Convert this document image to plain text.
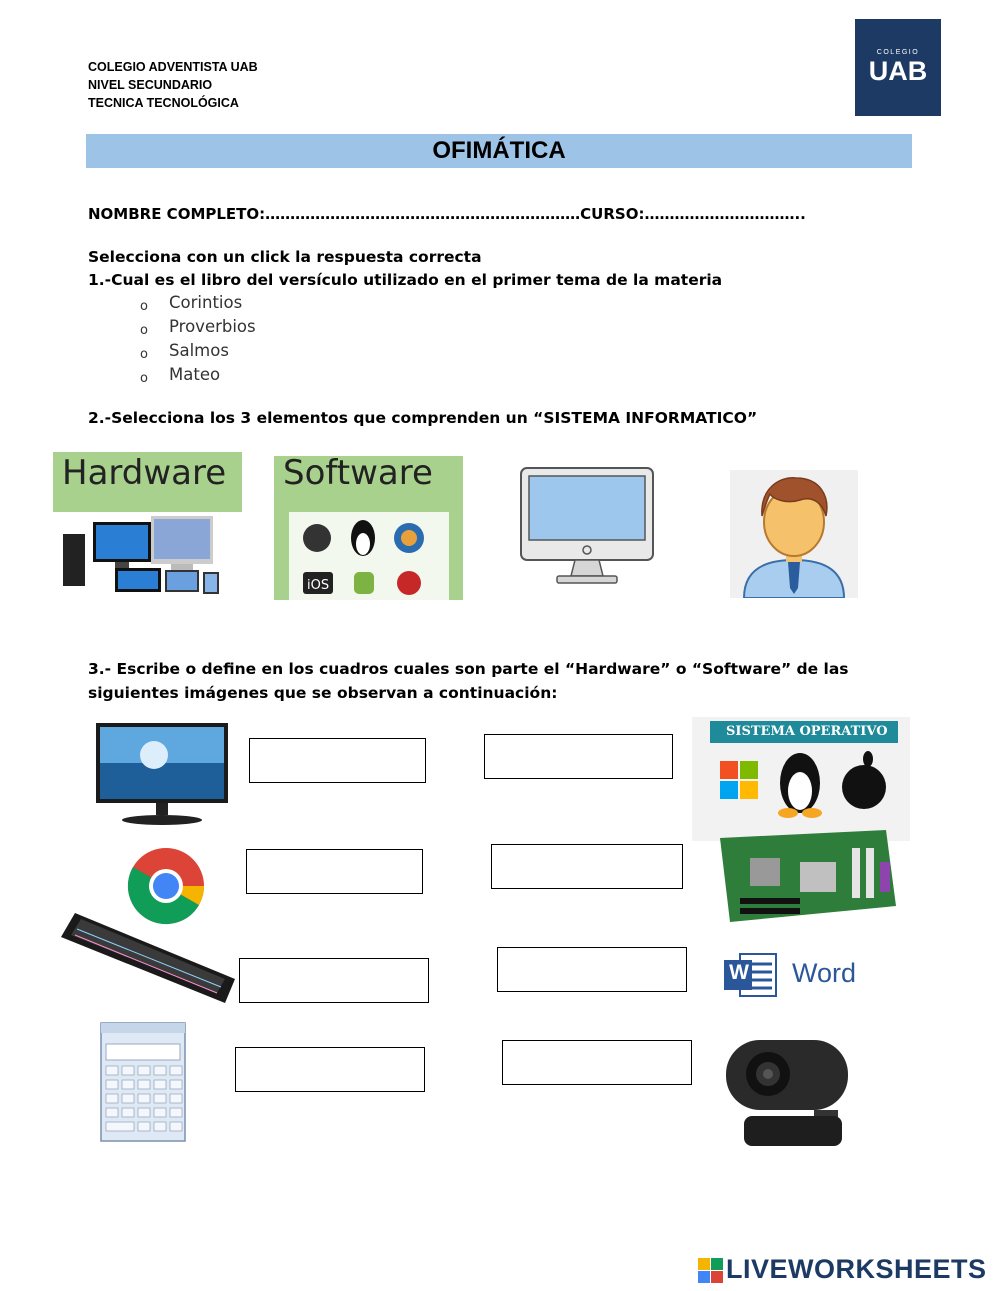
COLEGIO ADVENTISTA UAB
NIVEL SECUNDARIO
TECNICA TECNOLÓGICA
COLEGIO
UAB
OFIMÁTICA
NOMBRE COMPLETO:………………………………………………………CURSO:…………………………..
Selecciona con un click la respuesta correcta
1.-Cual es el libro del versículo utilizado en el primer tema de la materia
o Corintios
o Proverbios
o Salmos
o Mateo
2.-Selecciona los 3 elementos que comprenden un “SISTEMA INFORMATICO”
Hardware Software
iOS
3.- Escribe o define en los cuadros cuales son parte el “Hardware” o “Software” de las
siguientes imágenes que se observan a continuación:
SISTEMA OPERATIVO
W Word
LIVEWORKSHEETS
